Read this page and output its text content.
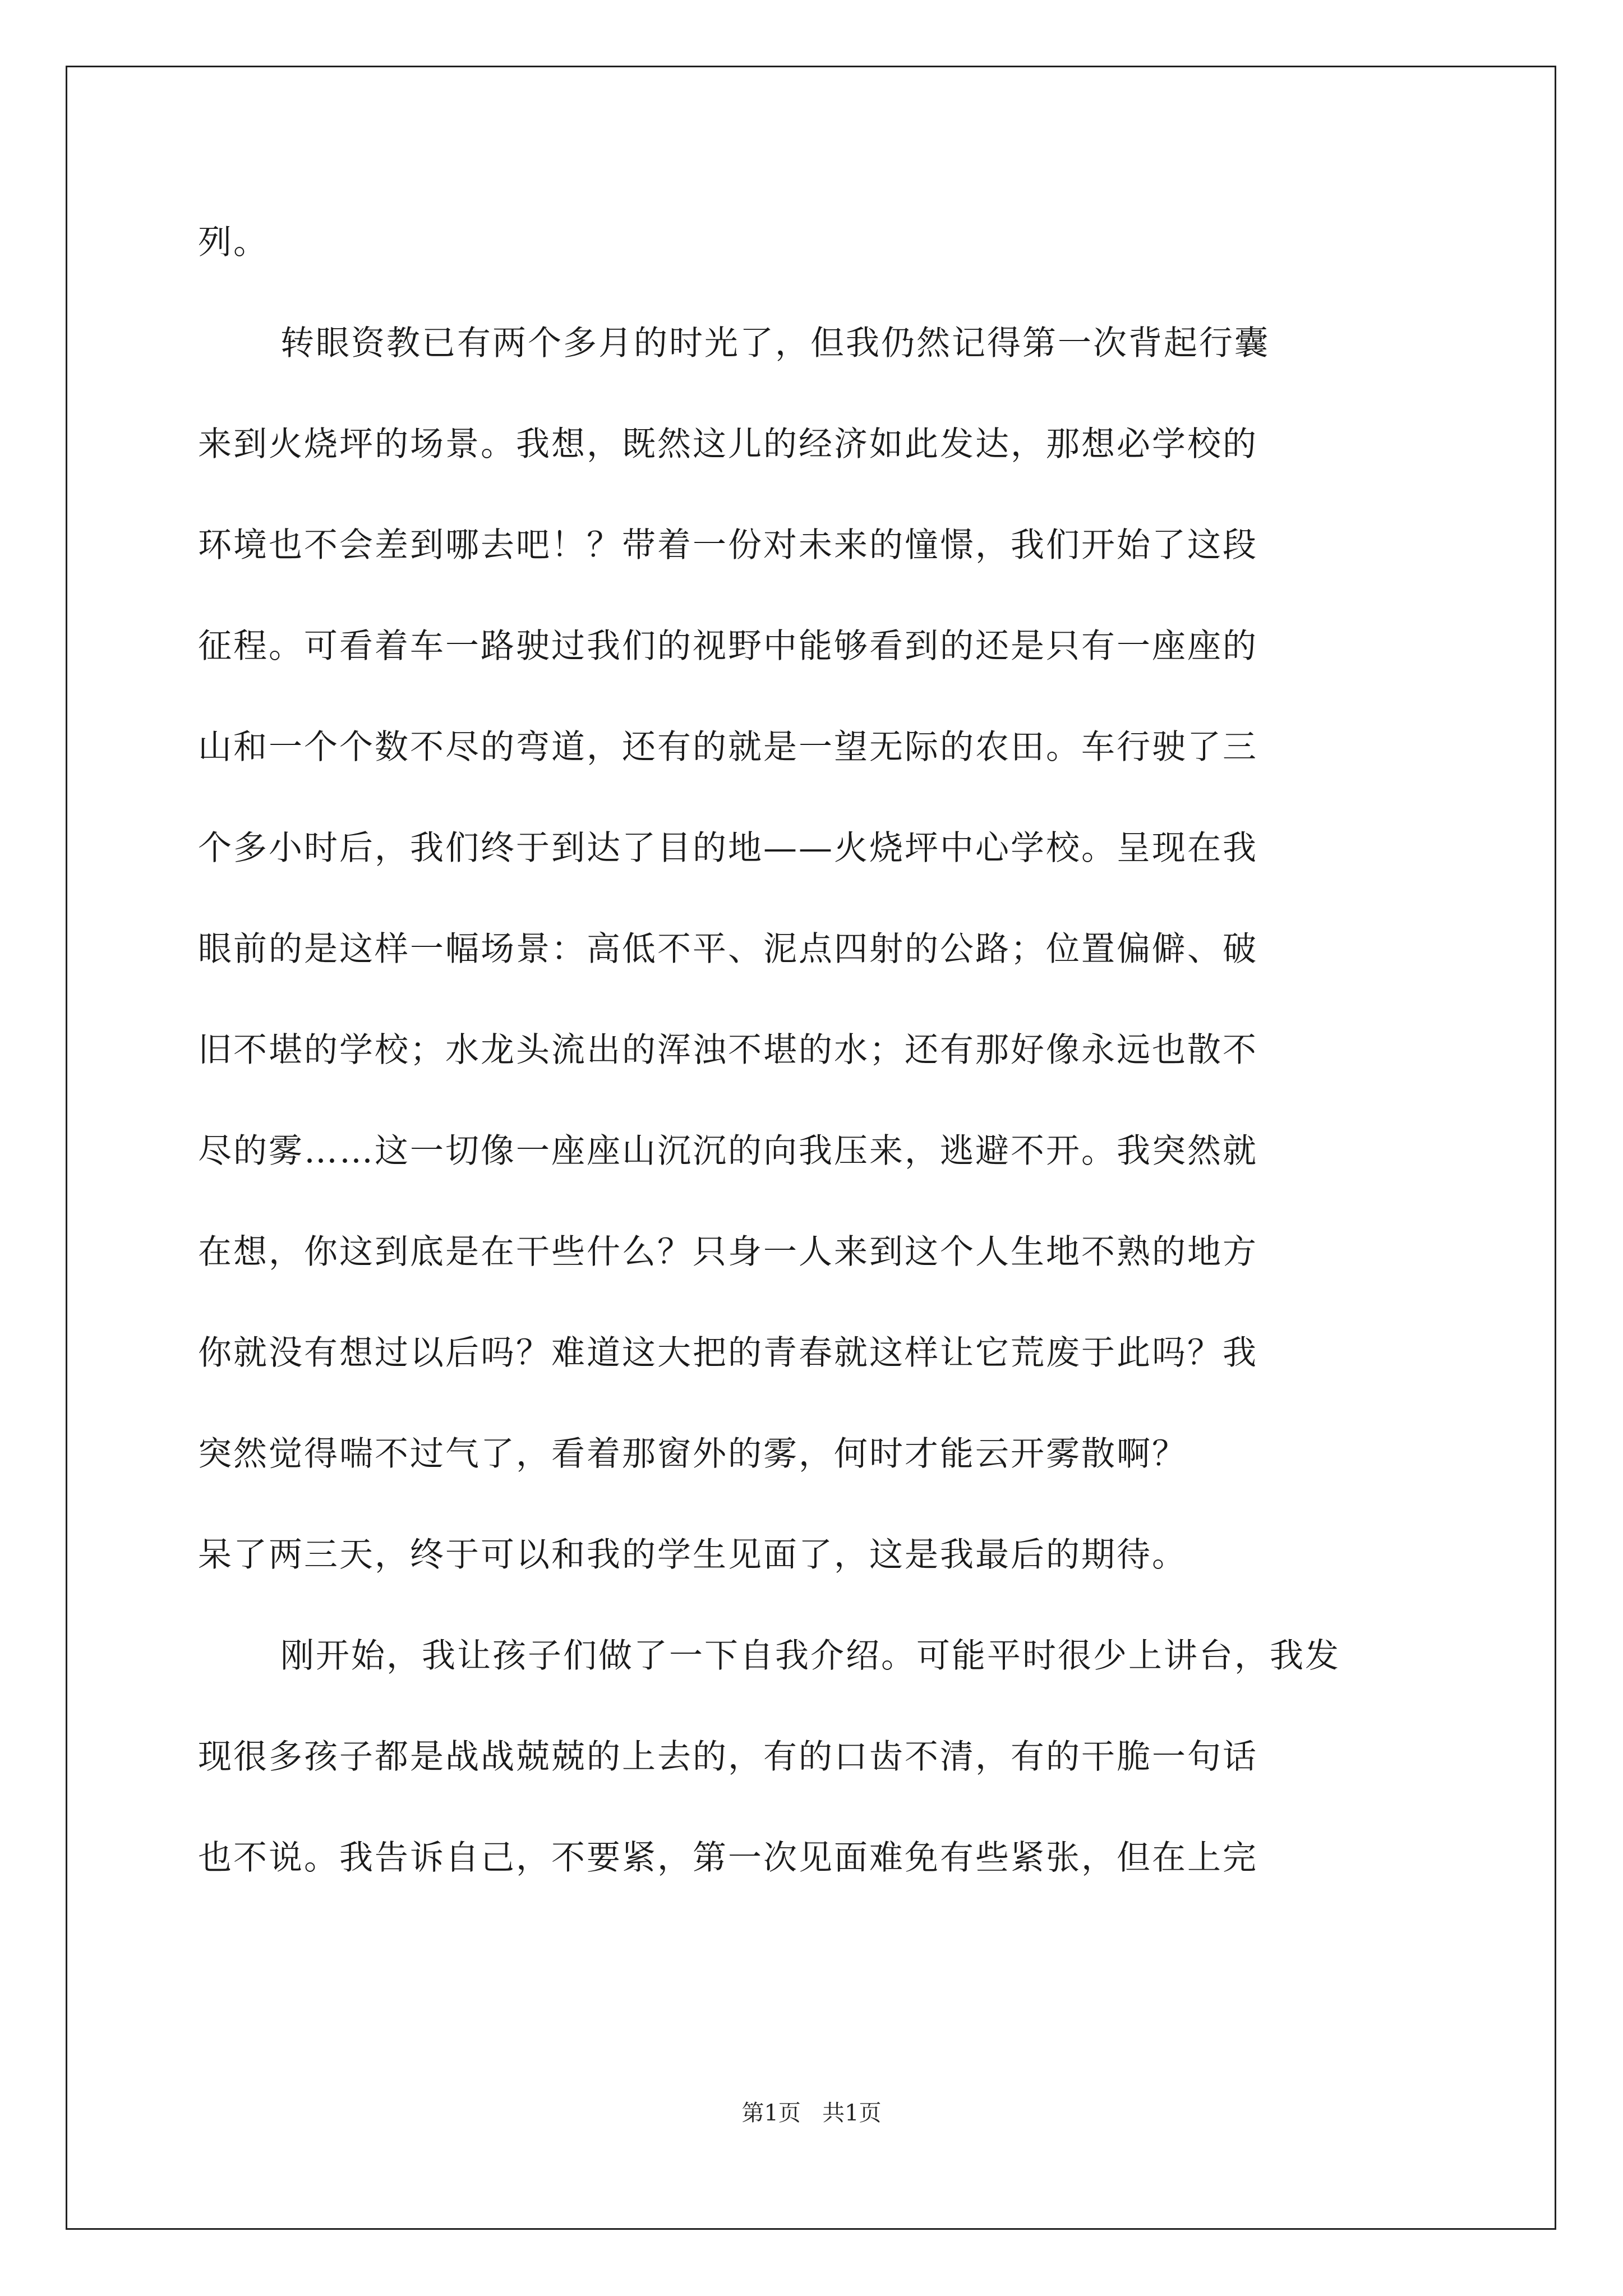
列。
转眼资教已有两个多月的时光了，但我仍然记得第一次背起行囊
来到火烧坪的场景。我想，既然这儿的经济如此发达，那想必学校的
环境也不会差到哪去吧！？带着一份对未来的憧憬，我们开始了这段
征程。可看着车一路驶过我们的视野中能够看到的还是只有一座座的
山和一个个数不尽的弯道，还有的就是一望无际的农田。车行驶了三
个多小时后，我们终于到达了目的地——火烧坪中心学校。呈现在我
眼前的是这样一幅场景：高低不平、泥点四射的公路；位置偏僻、破
旧不堪的学校；水龙头流出的浑浊不堪的水；还有那好像永远也散不
尽的雾……这一切像一座座山沉沉的向我压来，逃避不开。我突然就
在想，你这到底是在干些什么？只身一人来到这个人生地不熟的地方
你就没有想过以后吗？难道这大把的青春就这样让它荒废于此吗？我
突然觉得喘不过气了，看着那窗外的雾，何时才能云开雾散啊？
呆了两三天，终于可以和我的学生见面了，这是我最后的期待。
刚开始，我让孩子们做了一下自我介绍。可能平时很少上讲台，我发
现很多孩子都是战战兢兢的上去的，有的口齿不清，有的干脆一句话
也不说。我告诉自己，不要紧，第一次见面难免有些紧张，但在上完
第1页 共1页
